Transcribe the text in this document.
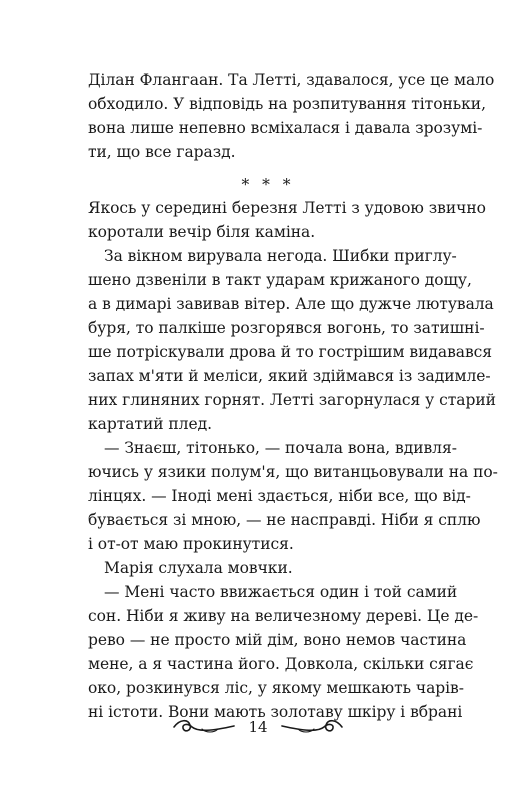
Ділан Флангаан. Та Летті, здавалося, усе це мало
обходило. У відповідь на розпитування тітоньки,
вона лише непевно всміхалася і давала зрозумі-
ти, що все гаразд.
* * *
Якось у середині березня Летті з удовою звично
коротали вечір біля каміна.
За вікном вирувала негода. Шибки приглу-
шено дзвеніли в такт ударам крижаного дощу,
а в димарі завивав вітер. Але що дужче лютувала
буря, то палкіше розгорявся вогонь, то затишні-
ше потріскували дрова й то гострішим видавався
запах м'яти й меліси, який здіймався із задимле-
них глиняних горнят. Летті загорнулася у старий
картатий плед.
— Знаєш, тітонько, — почала вона, вдивля-
ючись у язики полум'я, що витанцьовували на по-
лінцях. — Іноді мені здається, ніби все, що від-
бувається зі мною, — не насправді. Ніби я сплю
і от-от маю прокинутися.
Марія слухала мовчки.
— Мені часто ввижається один і той самий
сон. Ніби я живу на величезному дереві. Це де-
рево — не просто мій дім, воно немов частина
мене, а я частина його. Довкола, скільки сягає
око, розкинувся ліс, у якому мешкають чарів-
ні істоти. Вони мають золотаву шкіру і вбрані
14
